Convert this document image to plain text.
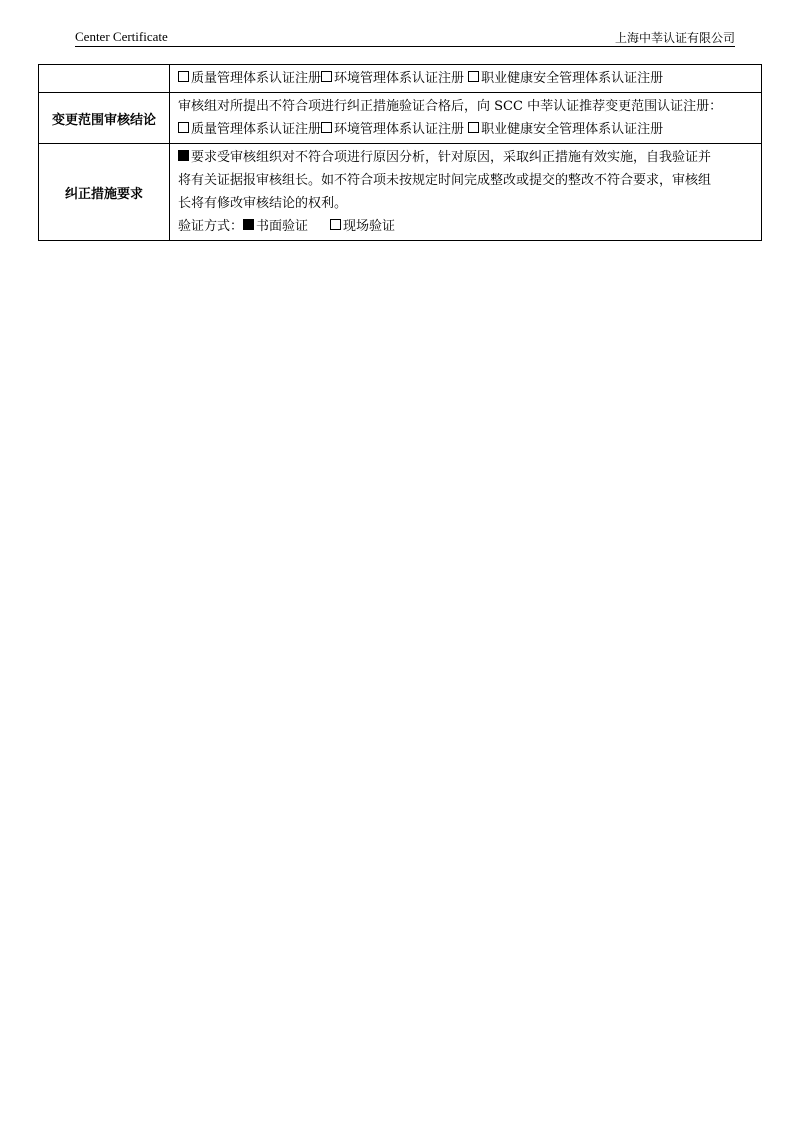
Center Certificate	上海中莘认证有限公司

	质量管理体系认证注册 环境管理体系认证注册 职业健康安全管理体系认证注册

变更范围审核结论	审核组对所提出不符合项进行纠正措施验证合格后，向 SCC 中莘认证推荐变更范围认证注册：
质量管理体系认证注册 环境管理体系认证注册 职业健康安全管理体系认证注册

纠正措施要求	要求受审核组织对不符合项进行原因分析，针对原因，采取纠正措施有效实施，自我验证并
将有关证据报审核组长。如不符合项未按规定时间完成整改或提交的整改不符合要求，审核组
长将有修改审核结论的权利。
验证方式： 书面验证 现场验证
